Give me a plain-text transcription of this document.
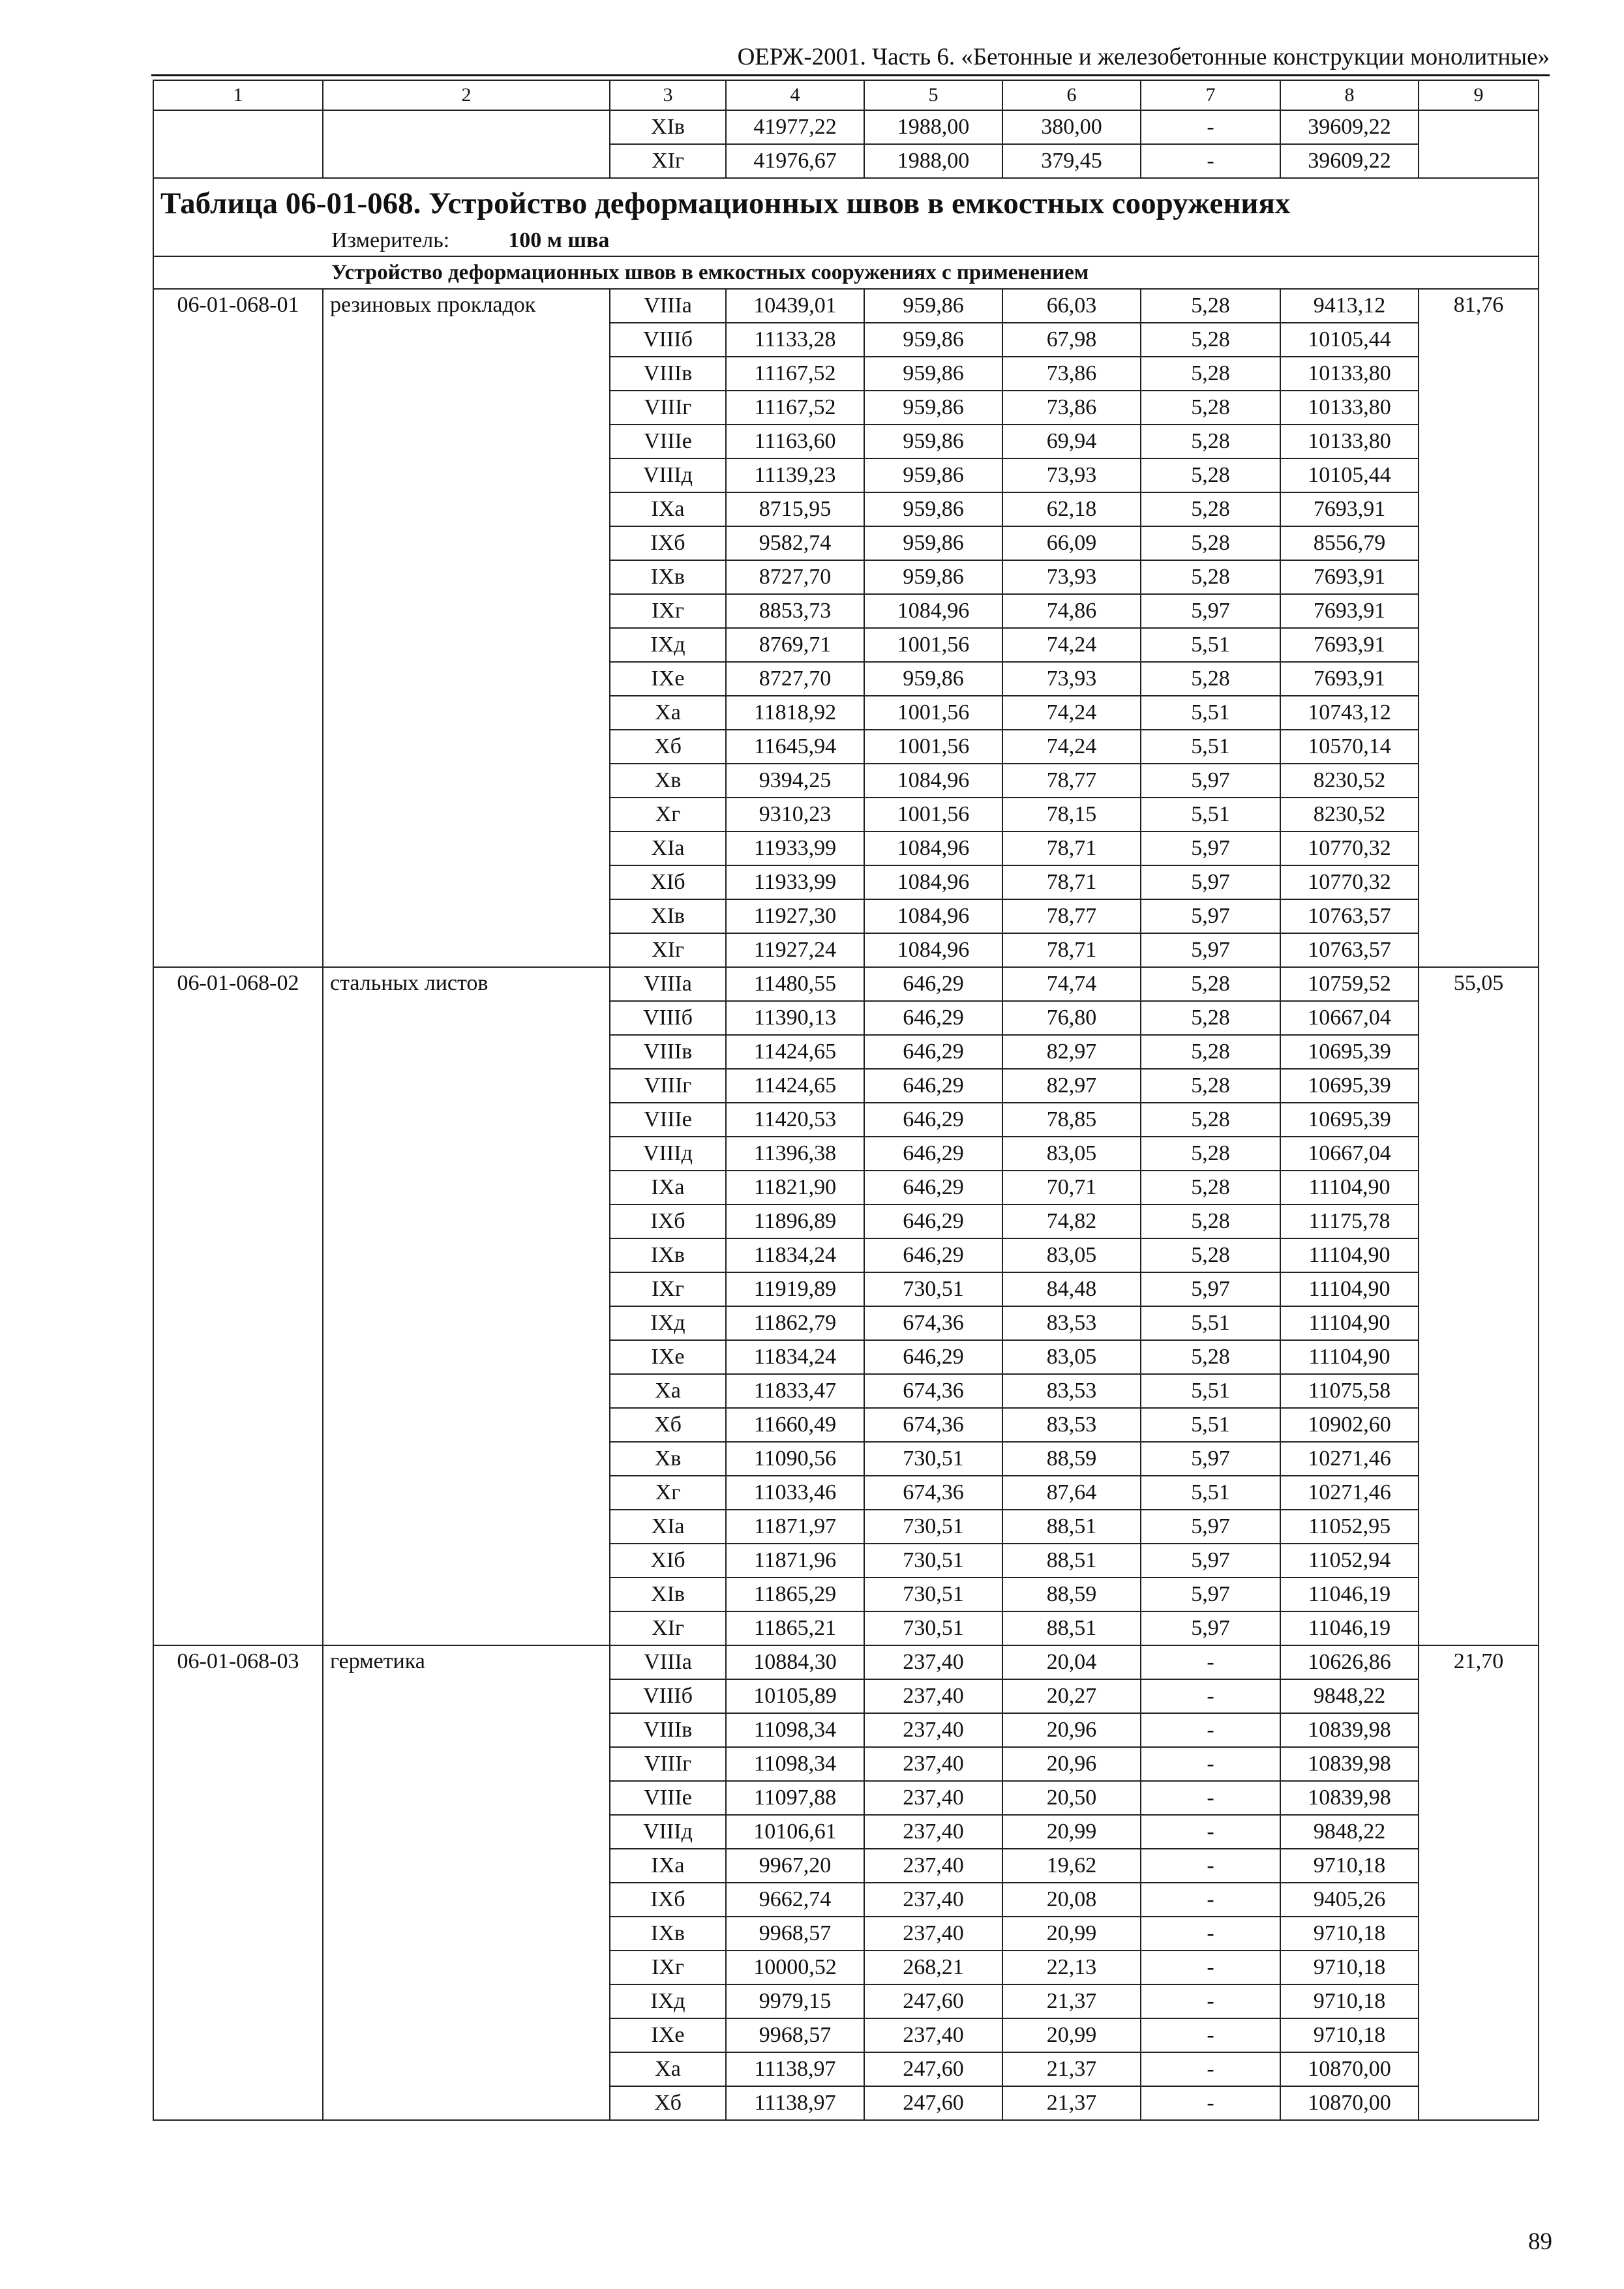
ОЕРЖ-2001. Часть 6. «Бетонные и железобетонные конструкции монолитные»
1	2	3	4	5	6	7	8	9
		XIв	41977,22	1988,00	380,00	-	39609,22	
		XIг	41976,67	1988,00	379,45	-	39609,22	

Таблица 06-01-068. Устройство деформационных швов в емкостных сооружениях
Измеритель: 100 м шва								

Устройство деформационных швов в емкостных сооружениях с применением								
06-01-068-01	резиновых прокладок	VIIIа	10439,01	959,86	66,03	5,28	9413,12	81,76
		VIIIб	11133,28	959,86	67,98	5,28	10105,44	
		VIIIв	11167,52	959,86	73,86	5,28	10133,80	
		VIIIг	11167,52	959,86	73,86	5,28	10133,80	
		VIIIе	11163,60	959,86	69,94	5,28	10133,80	
		VIIIд	11139,23	959,86	73,93	5,28	10105,44	
		IXа	8715,95	959,86	62,18	5,28	7693,91	
		IXб	9582,74	959,86	66,09	5,28	8556,79	
		IXв	8727,70	959,86	73,93	5,28	7693,91	
		IXг	8853,73	1084,96	74,86	5,97	7693,91	
		IXд	8769,71	1001,56	74,24	5,51	7693,91	
		IXе	8727,70	959,86	73,93	5,28	7693,91	
		Xа	11818,92	1001,56	74,24	5,51	10743,12	
		Xб	11645,94	1001,56	74,24	5,51	10570,14	
		Xв	9394,25	1084,96	78,77	5,97	8230,52	
		Xг	9310,23	1001,56	78,15	5,51	8230,52	
		XIа	11933,99	1084,96	78,71	5,97	10770,32	
		XIб	11933,99	1084,96	78,71	5,97	10770,32	
		XIв	11927,30	1084,96	78,77	5,97	10763,57	
		XIг	11927,24	1084,96	78,71	5,97	10763,57	
06-01-068-02	стальных листов	VIIIа	11480,55	646,29	74,74	5,28	10759,52	55,05
		VIIIб	11390,13	646,29	76,80	5,28	10667,04	
		VIIIв	11424,65	646,29	82,97	5,28	10695,39	
		VIIIг	11424,65	646,29	82,97	5,28	10695,39	
		VIIIе	11420,53	646,29	78,85	5,28	10695,39	
		VIIIд	11396,38	646,29	83,05	5,28	10667,04	
		IXа	11821,90	646,29	70,71	5,28	11104,90	
		IXб	11896,89	646,29	74,82	5,28	11175,78	
		IXв	11834,24	646,29	83,05	5,28	11104,90	
		IXг	11919,89	730,51	84,48	5,97	11104,90	
		IXд	11862,79	674,36	83,53	5,51	11104,90	
		IXе	11834,24	646,29	83,05	5,28	11104,90	
		Xа	11833,47	674,36	83,53	5,51	11075,58	
		Xб	11660,49	674,36	83,53	5,51	10902,60	
		Xв	11090,56	730,51	88,59	5,97	10271,46	
		Xг	11033,46	674,36	87,64	5,51	10271,46	
		XIа	11871,97	730,51	88,51	5,97	11052,95	
		XIб	11871,96	730,51	88,51	5,97	11052,94	
		XIв	11865,29	730,51	88,59	5,97	11046,19	
		XIг	11865,21	730,51	88,51	5,97	11046,19	
06-01-068-03	герметика	VIIIа	10884,30	237,40	20,04	-	10626,86	21,70
		VIIIб	10105,89	237,40	20,27	-	9848,22	
		VIIIв	11098,34	237,40	20,96	-	10839,98	
		VIIIг	11098,34	237,40	20,96	-	10839,98	
		VIIIе	11097,88	237,40	20,50	-	10839,98	
		VIIIд	10106,61	237,40	20,99	-	9848,22	
		IXа	9967,20	237,40	19,62	-	9710,18	
		IXб	9662,74	237,40	20,08	-	9405,26	
		IXв	9968,57	237,40	20,99	-	9710,18	
		IXг	10000,52	268,21	22,13	-	9710,18	
		IXд	9979,15	247,60	21,37	-	9710,18	
		IXе	9968,57	237,40	20,99	-	9710,18	
		Xа	11138,97	247,60	21,37	-	10870,00	
		Xб	11138,97	247,60	21,37	-	10870,00	
89
